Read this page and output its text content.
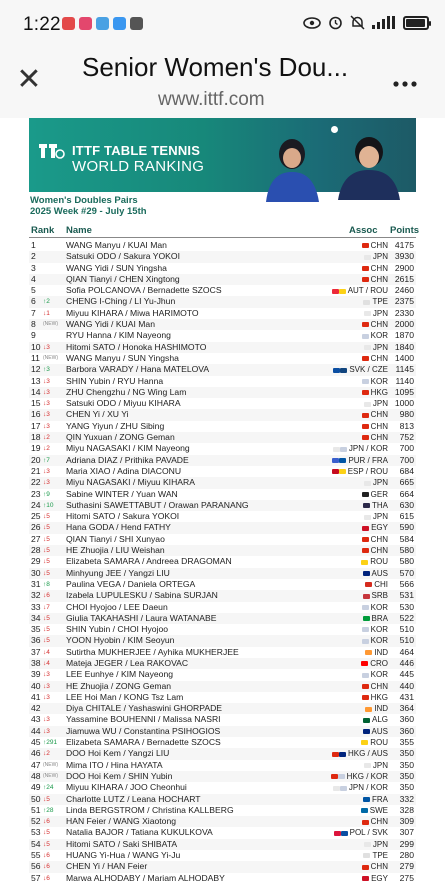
1:22
✕ Senior Women's Dou...
www.ittf.com
ITTF TABLE TENNIS
WORLD RANKING
Women's Doubles Pairs
2025 Week #29 - July 15th
Rank Name	Assoc Points
1	WANG Manyu / KUAI Man	CHN 4175
2	Satsuki ODO / Sakura YOKOI	JPN 3930
3	WANG Yidi / SUN Yingsha	CHN 2900
4	QIAN Tianyi / CHEN Xingtong	CHN 2615
5	Sofia POLCANOVA / Bernadette SZOCS	AUT / ROU 2460
6 ↑2 CHENG I-Ching / LI Yu-Jhun	TPE 2375
7 ↓1 Miyuu KIHARA / Miwa HARIMOTO	JPN 2330
8 (NEW) WANG Yidi / KUAI Man	CHN 2000
9	RYU Hanna / KIM Nayeong	KOR 1870
10 ↓3 Hitomi SATO / Honoka HASHIMOTO	JPN 1840
11 (NEW) WANG Manyu / SUN Yingsha	CHN 1400
12 ↑3 Barbora VARADY / Hana MATELOVA	SVK / CZE 1145
13 ↓3 SHIN Yubin / RYU Hanna	KOR 1140
14 ↓3 ZHU Chengzhu / NG Wing Lam	HKG 1095
15 ↓3 Satsuki ODO / Miyuu KIHARA	JPN 1000
16 ↓3 CHEN Yi / XU Yi	CHN 980
17 ↓3 YANG Yiyun / ZHU Sibing	CHN 813
18 ↓2 QIN Yuxuan / ZONG Geman	CHN 752
19 ↓2 Miyu NAGASAKI / KIM Nayeong	JPN / KOR 700
20 ↑7 Adriana DIAZ / Prithika PAVADE	PUR / FRA 700
21 ↓3 Maria XIAO / Adina DIACONU	ESP / ROU 684
22 ↓3 Miyu NAGASAKI / Miyuu KIHARA	JPN 665
23 ↑9 Sabine WINTER / Yuan WAN	GER 664
24 ↑10 Suthasini SAWETTABUT / Orawan PARANANG	THA 630
25 ↓5 Hitomi SATO / Sakura YOKOI	JPN 615
26 ↓5 Hana GODA / Hend FATHY	EGY 590
27 ↓5 QIAN Tianyi / SHI Xunyao	CHN 584
28 ↓5 HE Zhuojia / LIU Weishan	CHN 580
29 ↓5 Elizabeta SAMARA / Andreea DRAGOMAN	ROU 580
30 ↓5 Minhyung JEE / Yangzi LIU	AUS 570
31 ↑8 Paulina VEGA / Daniela ORTEGA	CHI 566
32 ↓6 Izabela LUPULESKU / Sabina SURJAN	SRB 531
33 ↓7 CHOI Hyojoo / LEE Daeun	KOR 530
34 ↓5 Giulia TAKAHASHI / Laura WATANABE	BRA 522
35 ↓5 SHIN Yubin / CHOI Hyojoo	KOR 510
36 ↓5 YOON Hyobin / KIM Seoyun	KOR 510
37 ↓4 Sutirtha MUKHERJEE / Ayhika MUKHERJEE	IND 464
38 ↓4 Mateja JEGER / Lea RAKOVAC	CRO 446
39 ↓3 LEE Eunhye / KIM Nayeong	KOR 445
40 ↓3 HE Zhuojia / ZONG Geman	CHN 440
41 ↓3 LEE Hoi Man / KONG Tsz Lam	HKG 431
42	Diya CHITALE / Yashaswini GHORPADE	IND 364
43 ↓3 Yassamine BOUHENNI / Malissa NASRI	ALG 360
44 ↓3 Jiamuwa WU / Constantina PSIHOGIOS	AUS 360
45 ↑291 Elizabeta SAMARA / Bernadette SZOCS	ROU 355
46 ↓2 DOO Hoi Kem / Yangzi LIU	HKG / AUS 350
47 (NEW) Mima ITO / Hina HAYATA	JPN 350
48 (NEW) DOO Hoi Kem / SHIN Yubin	HKG / KOR 350
49 ↑24 Miyuu KIHARA / JOO Cheonhui	JPN / KOR 350
50 ↓5 Charlotte LUTZ / Leana HOCHART	FRA 332
51 ↑28 Linda BERGSTROM / Christina KALLBERG	SWE 328
52 ↓6 HAN Feier / WANG Xiaotong	CHN 309
53 ↓5 Natalia BAJOR / Tatiana KUKULKOVA	POL / SVK 307
54 ↓5 Hitomi SATO / Saki SHIBATA	JPN 299
55 ↓6 HUANG Yi-Hua / WANG Yi-Ju	TPE 280
56 ↓6 CHEN Yi / HAN Feier	CHN 279
57 ↓6 Marwa ALHODABY / Mariam ALHODABY	EGY 275
